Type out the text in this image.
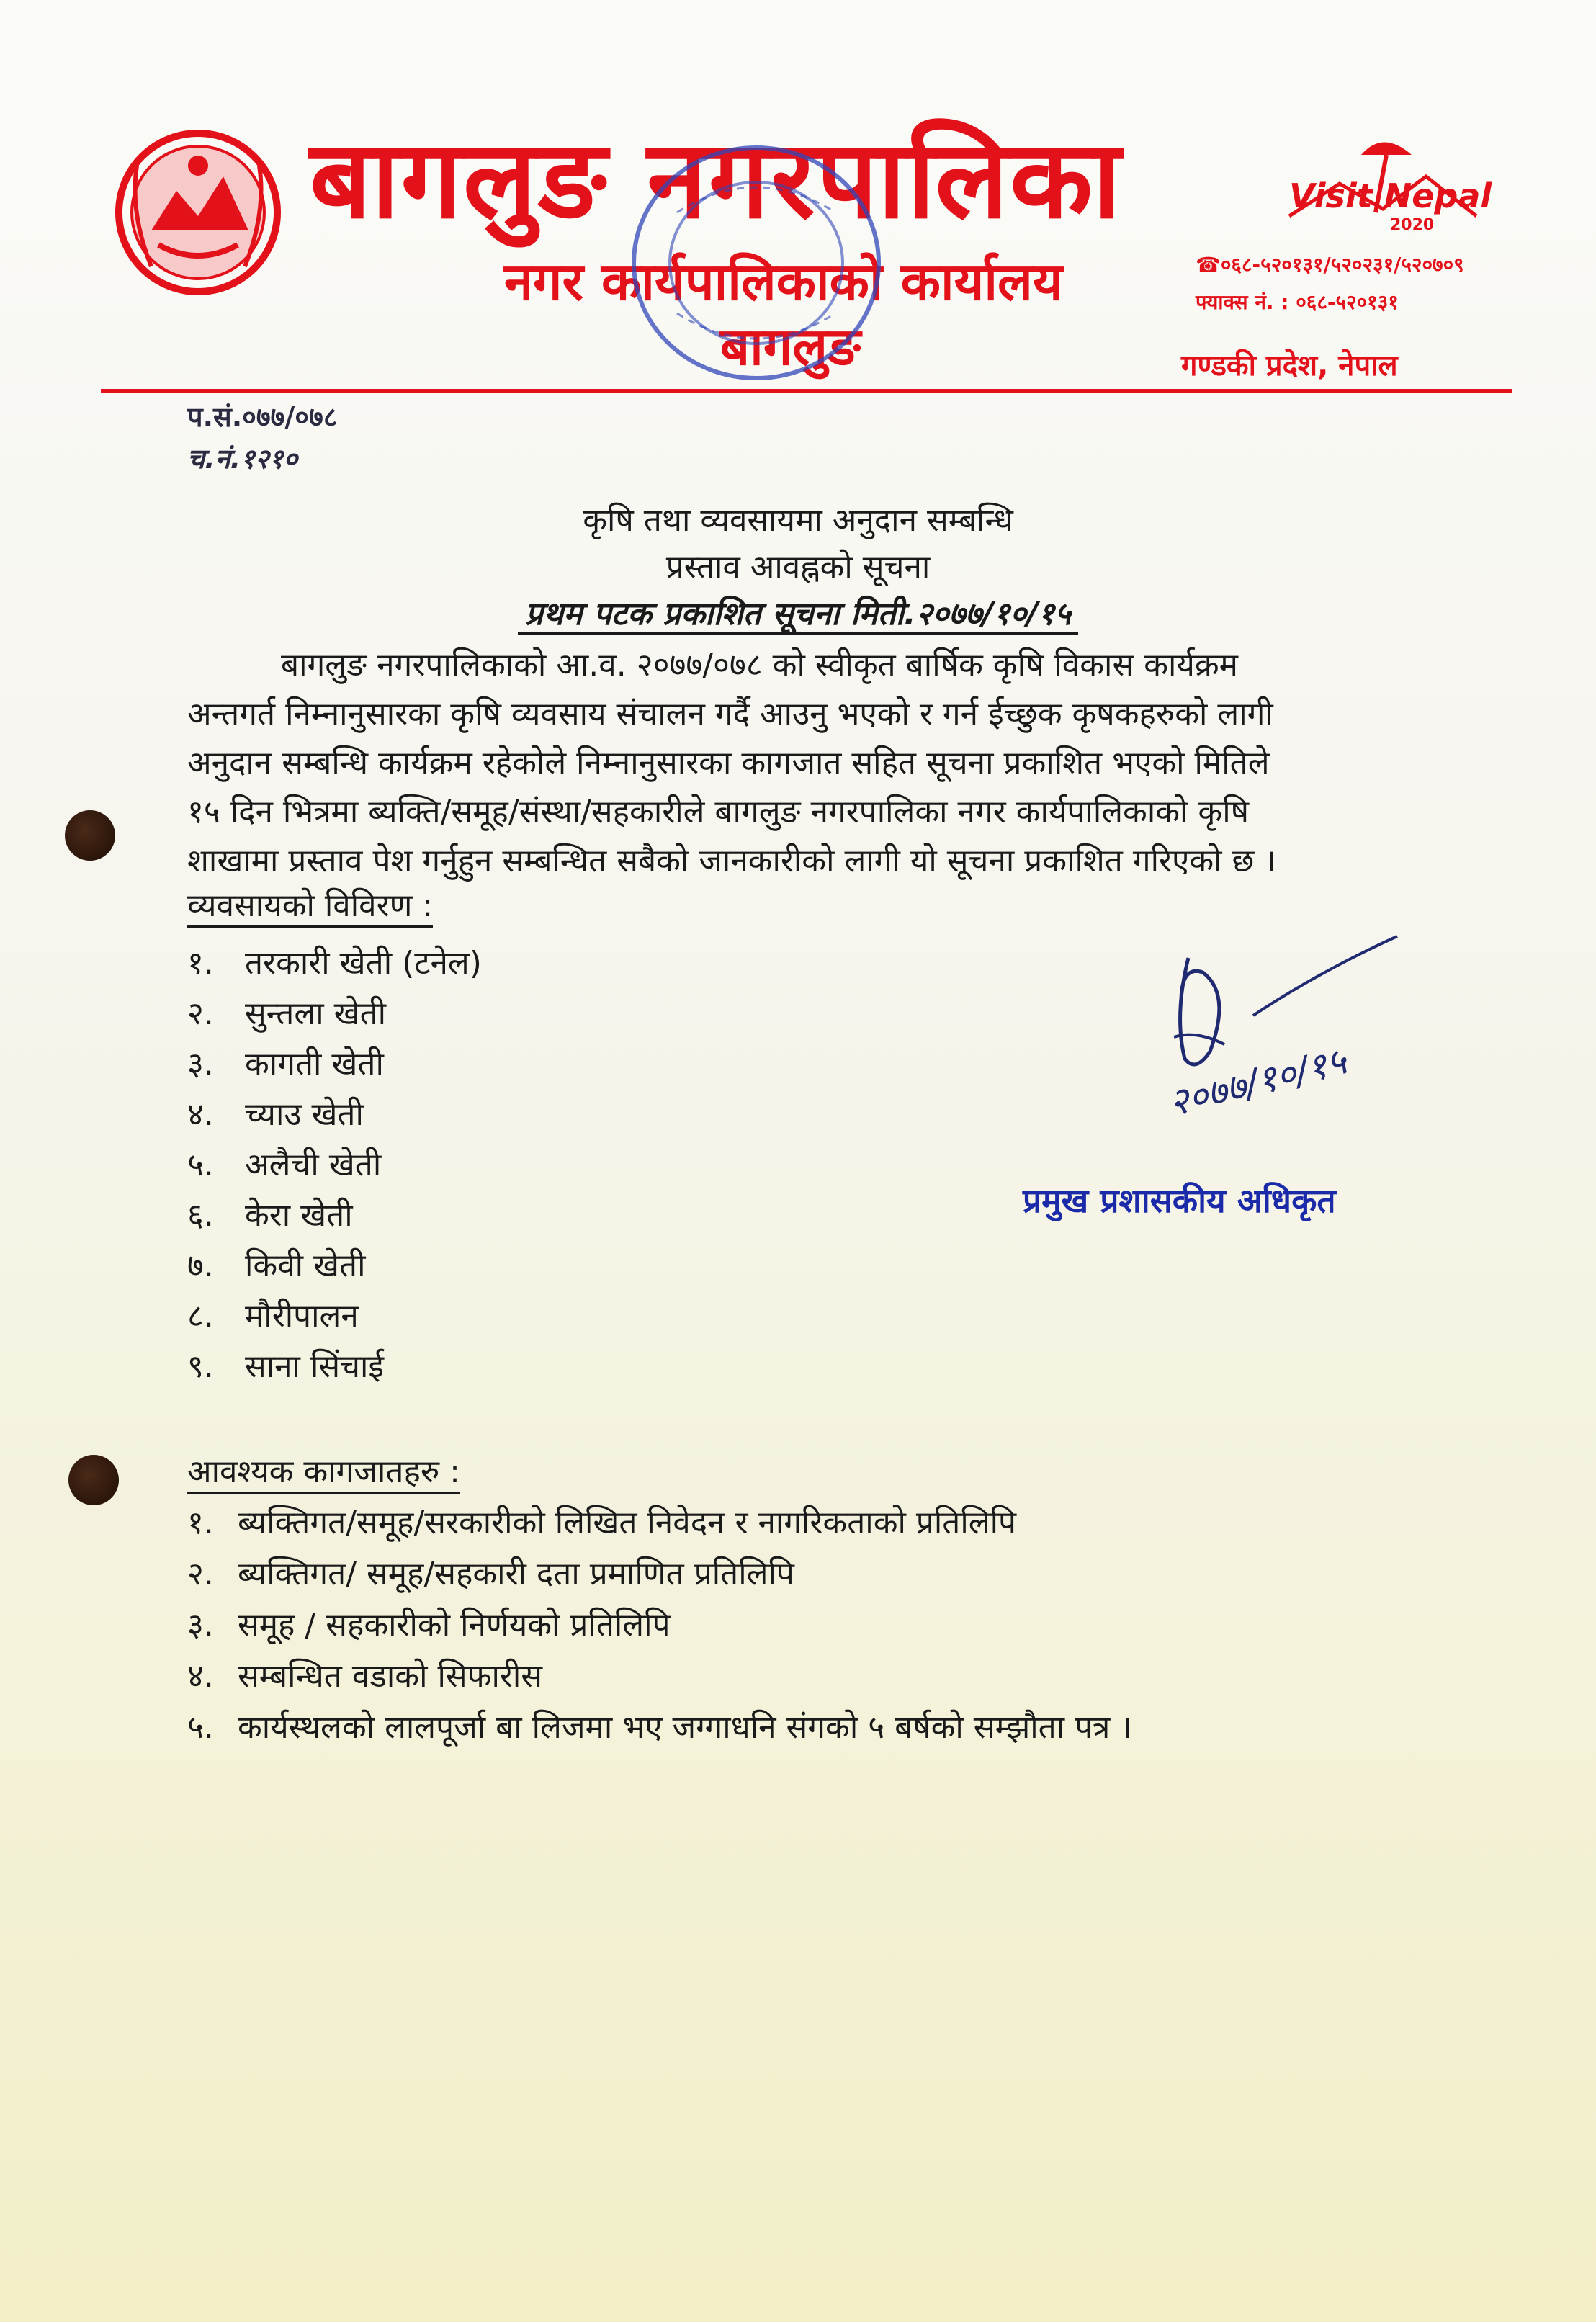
बागलुङ नगरपालिका
नगर कार्यपालिकाको कार्यालय
बागलुङ
Visit Nepal
2020
☎०६८-५२०१३१/५२०२३१/५२०७०९
फ्याक्स नं. : ०६८-५२०१३१
गण्डकी प्रदेश, नेपाल
प.सं.०७७/०७८
च.नं.१२१०
कृषि तथा व्यवसायमा अनुदान सम्बन्धि
प्रस्ताव आवह्नको सूचना
प्रथम पटक प्रकाशित सूचना मिती.२०७७/१०/१५

बागलुङ नगरपालिकाको आ.व. २०७७/०७८ को स्वीकृत बार्षिक कृषि विकास कार्यक्रम

अन्तगर्त निम्नानुसारका कृषि व्यवसाय संचालन गर्दै आउनु भएको र गर्न ईच्छुक कृषकहरुको लागी

अनुदान सम्बन्धि कार्यक्रम रहेकोले निम्नानुसारका कागजात सहित सूचना प्रकाशित भएको मितिले

१५ दिन भित्रमा ब्यक्ति/समूह/संस्था/सहकारीले बागलुङ नगरपालिका नगर कार्यपालिकाको कृषि

शाखामा प्रस्ताव पेश गर्नुहुन सम्बन्धित सबैको जानकारीको लागी यो सूचना प्रकाशित गरिएको छ ।

व्यवसायको विविरण :
१. तरकारी खेती (टनेल)
२. सुन्तला खेती
३. कागती खेती
४. च्याउ खेती
५. अलैची खेती
६. केरा खेती
७. किवी खेती
८. मौरीपालन
९. साना सिंचाई
२०७७/१०/१५
प्रमुख प्रशासकीय अधिकृत
आवश्यक कागजातहरु :
१. ब्यक्तिगत/समूह/सरकारीको लिखित निवेदन र नागरिकताको प्रतिलिपि
२. ब्यक्तिगत/ समूह/सहकारी दता प्रमाणित प्रतिलिपि
३. समूह / सहकारीको निर्णयको प्रतिलिपि
४. सम्बन्धित वडाको सिफारीस
५. कार्यस्थलको लालपूर्जा बा लिजमा भए जग्गाधनि संगको ५ बर्षको सम्झौता पत्र ।
